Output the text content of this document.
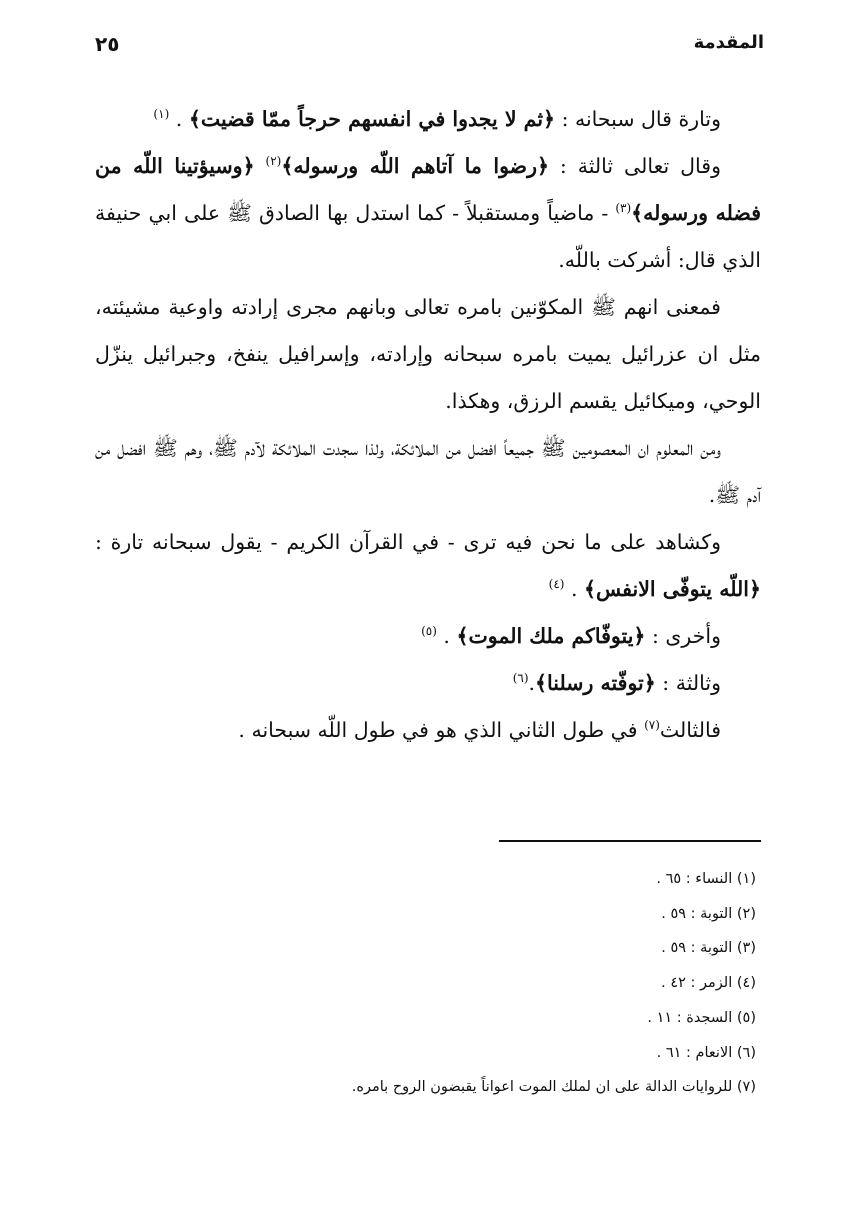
المقدمة
٢٥

وتارة قال سبحانه : ﴿ثم لا يجدوا في انفسهم حرجاً ممّا قضيت﴾ . $^{(١)}$

وقال تعالى ثالثة : ﴿رضوا ما آتاهم اللّه ورسوله﴾$^{(٢)}$ ﴿وسيؤتينا اللّه من فضله ورسوله﴾$^{(٣)}$ - ماضياً ومستقبلاً - كما استدل بها الصادق ﷺ على ابي حنيفة الذي قال: أشركت باللّه.

فمعنى انهم ﷺ المكوّنين بامره تعالى وبانهم مجرى إرادته واوعية مشيئته، مثل ان عزرائيل يميت بامره سبحانه وإرادته، وإسرافيل ينفخ، وجبرائيل ينزّل الوحي، وميكائيل يقسم الرزق، وهكذا.

ومن المعلوم ان المعصومين ﷺ جميعاً افضل من الملائكة، ولذا سجدت الملائكة لآدم ﷺ، وهم ﷺ افضل من آدم ﷺ.

وكشاهد على ما نحن فيه ترى - في القرآن الكريم - يقول سبحانه تارة : ﴿اللّه يتوفّى الانفس﴾ . $^{(٤)}$

وأخرى : ﴿يتوفّاكم ملك الموت﴾ . $^{(٥)}$

وثالثة : ﴿توفّته رسلنا﴾.$^{(٦)}$

فالثالث$^{(٧)}$ في طول الثاني الذي هو في طول اللّه سبحانه .

(١) النساء : ٦٥ .
(٢) التوبة : ٥٩ .
(٣) التوبة : ٥٩ .
(٤) الزمر : ٤٢ .
(٥) السجدة : ١١ .
(٦) الانعام : ٦١ .
(٧) للروايات الدالة على ان لملك الموت اعواناً يقبضون الروح بامره.
